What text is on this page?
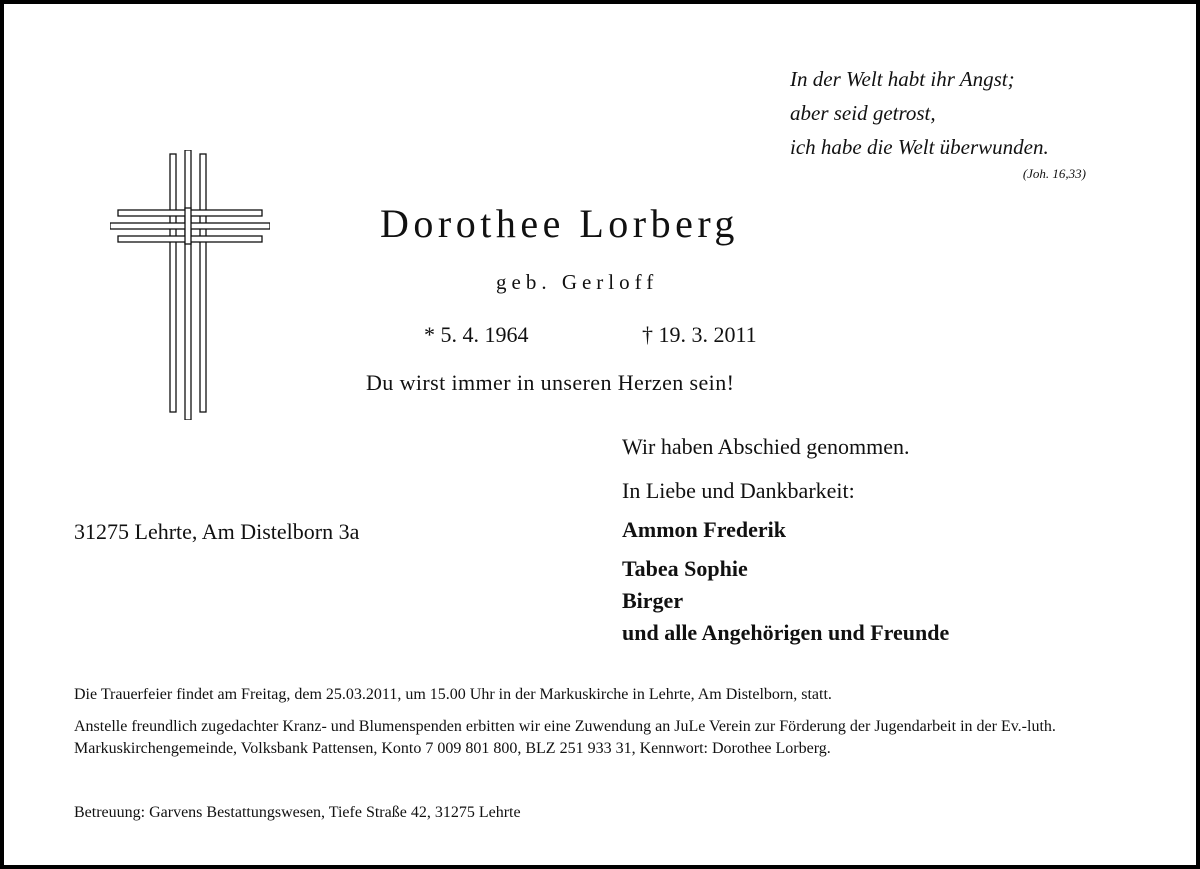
In der Welt habt ihr Angst;
aber seid getrost,
ich habe die Welt überwunden.
(Joh. 16,33)
Dorothee Lorberg
geb. Gerloff
* 5. 4. 1964	† 19. 3. 2011
Du wirst immer in unseren Herzen sein!
Wir haben Abschied genommen.
In Liebe und Dankbarkeit:
31275 Lehrte, Am Distelborn 3a	Ammon Frederik
Tabea Sophie
Birger
und alle Angehörigen und Freunde
Die Trauerfeier findet am Freitag, dem 25.03.2011, um 15.00 Uhr in der Markuskirche in Lehrte, Am Distelborn, statt.
Anstelle freundlich zugedachter Kranz- und Blumenspenden erbitten wir eine Zuwendung an JuLe Verein zur Förderung der Jugendarbeit in der Ev.-luth. Markuskirchengemeinde, Volksbank Pattensen, Konto 7 009 801 800, BLZ 251 933 31, Kennwort: Dorothee Lorberg.
Betreuung: Garvens Bestattungswesen, Tiefe Straße 42, 31275 Lehrte
